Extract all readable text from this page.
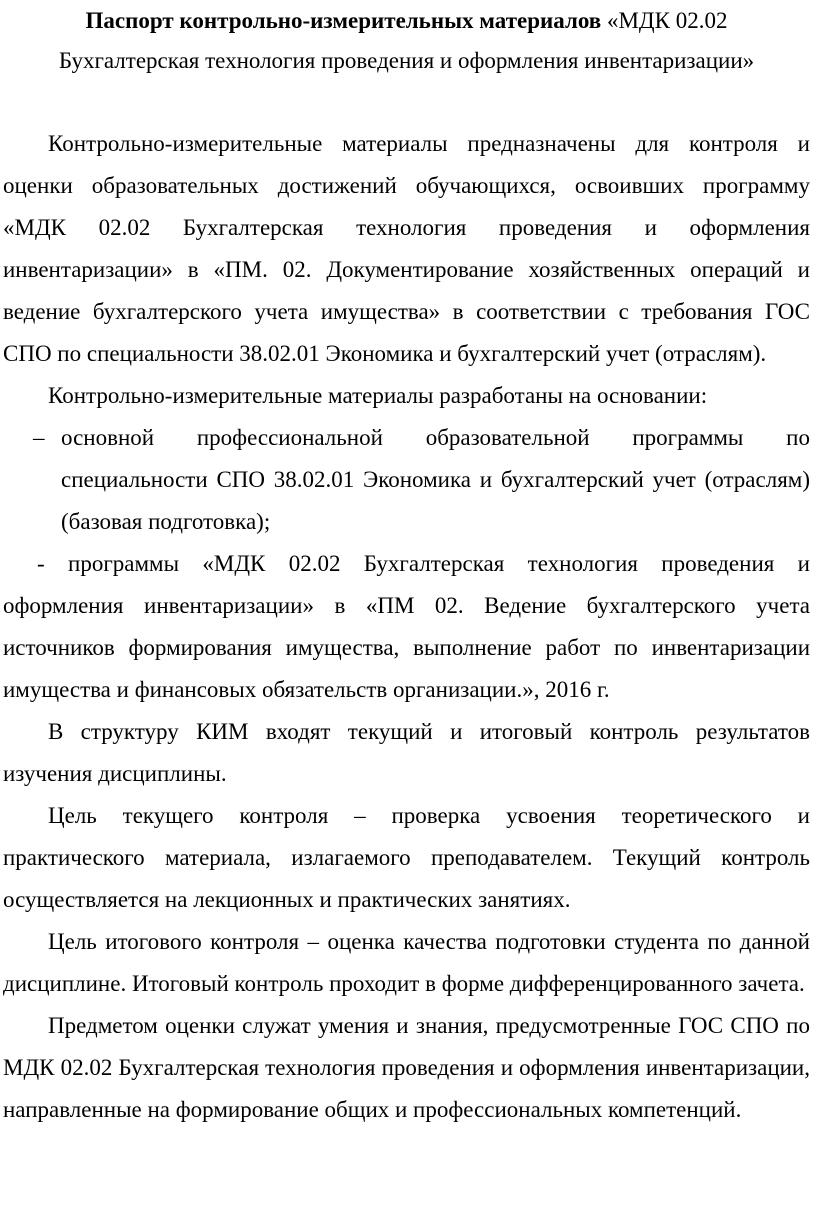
Паспорт контрольно-измерительных материалов «МДК 02.02
Бухгалтерская технология проведения и оформления инвентаризации»

Контрольно-измерительные материалы предназначены для контроля и оценки образовательных достижений обучающихся, освоивших программу «МДК 02.02 Бухгалтерская технология проведения и оформления инвентаризации» в «ПМ. 02. Документирование хозяйственных операций и ведение бухгалтерского учета имущества» в соответствии с требования ГОС СПО по специальности 38.02.01 Экономика и бухгалтерский учет (отраслям).

Контрольно-измерительные материалы разработаны на основании:

– основной профессиональной образовательной программы по специальности СПО 38.02.01 Экономика и бухгалтерский учет (отраслям) (базовая подготовка);

- программы «МДК 02.02 Бухгалтерская технология проведения и оформления инвентаризации» в «ПМ 02. Ведение бухгалтерского учета источников формирования имущества, выполнение работ по инвентаризации имущества и финансовых обязательств организации.», 2016 г.

В структуру КИМ входят текущий и итоговый контроль результатов изучения дисциплины.

Цель текущего контроля – проверка усвоения теоретического и практического материала, излагаемого преподавателем. Текущий контроль осуществляется на лекционных и практических занятиях.

Цель итогового контроля – оценка качества подготовки студента по данной дисциплине. Итоговый контроль проходит в форме дифференцированного зачета.

Предметом оценки служат умения и знания, предусмотренные ГОС СПО по МДК 02.02 Бухгалтерская технология проведения и оформления инвентаризации, направленные на формирование общих и профессиональных компетенций.
